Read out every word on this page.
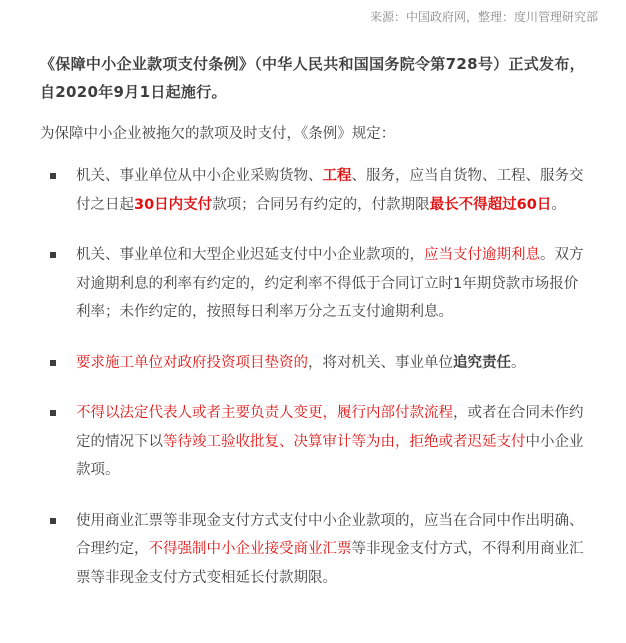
来源：中国政府网，整理：度川管理研究部
《保障中小企业款项支付条例》（中华人民共和国国务院令第728号）正式发布，自2020年9月1日起施行。
为保障中小企业被拖欠的款项及时支付，《条例》规定：
机关、事业单位从中小企业采购货物、工程、服务，应当自货物、工程、服务交付之日起30日内支付款项；合同另有约定的，付款期限最长不得超过60日。
机关、事业单位和大型企业迟延支付中小企业款项的，应当支付逾期利息。双方对逾期利息的利率有约定的，约定利率不得低于合同订立时1年期贷款市场报价利率；未作约定的，按照每日利率万分之五支付逾期利息。
要求施工单位对政府投资项目垫资的，将对机关、事业单位追究责任。
不得以法定代表人或者主要负责人变更，履行内部付款流程，或者在合同未作约定的情况下以等待竣工验收批复、决算审计等为由，拒绝或者迟延支付中小企业款项。
使用商业汇票等非现金支付方式支付中小企业款项的，应当在合同中作出明确、合理约定，不得强制中小企业接受商业汇票等非现金支付方式，不得利用商业汇票等非现金支付方式变相延长付款期限。
